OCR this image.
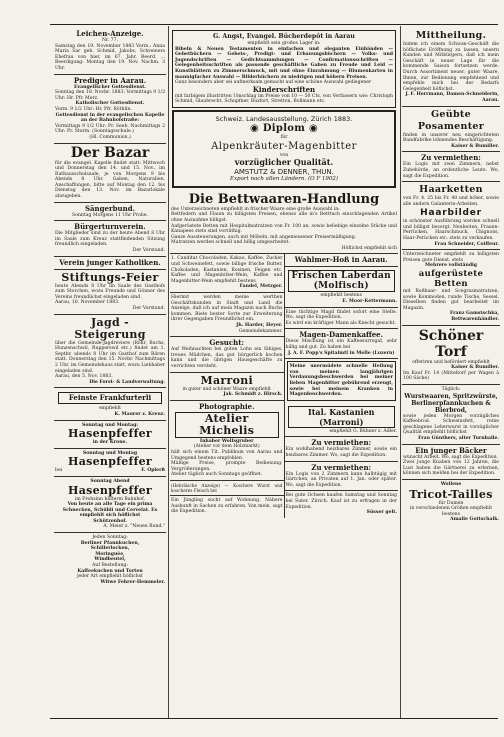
Leichen-Anzeige.
Nr. 77.
Samstag den 19. November 1883 Vorm.: Anna Maria Sar geb. Schmid, Jakobs, Schreiners Ehefrau von hier, im 67. Jahr, Beerd. ... Beerdigung: Montag den 19. Nov. Nachm. 3 Uhr.
Prediger in Aarau.
Evangelischer Gottesdienst.
Sonntag den 18. Novbr. 1883: Vormittags 9 1/2 Uhr: Hr. Pfr. Merz.
Katholischer Gottesdienst.
Vorm. 9 1/2 Uhr: Hr. Pfr. Röthlin.
Gottesdienst in der evangelischen Kapelle an der Bahnhofstraße:
Vormittags 9 1/2 Uhr: Pr. Seeb. Nachmittags 2 Uhr: Pr. Sturm. (Sonntagsschule.)
(Hl. Communion.)
Der Bazar
für die evangel. Kapelle findet statt: Mittwoch und Donnerstag den 14. und 15. Nov., im Rathausschulsaale, je von Morgens 9 bis Abends 8 Uhr. Gaben, Naturalien, Anschaffungen, bitte auf Montag den 12. bis Dienstag den 13. Nov. im Bazarlokale abzugeben.
Sängerbund.
Sonntag Morgens 11 Uhr Probe.
Bürgerturnverein.
Die Mitglieder sind zu der heute Abend 8 Uhr im Saale zum Kreuz stattfindenden Sitzung freundlich eingeladen.
Der Vorstand.
Verein junger Katholiken.
Stiftungs-Feier
heute Abends 8 Uhr im Saale des Gasthofs zum Storchen, wozu Freunde und Gönner des Vereins freundlichst eingeladen sind.
Aarau, 10. November 1883.
Der Vorstand.
Jagd - Steigerung
über die Gemeinde-Jagdreviere (Rohr, Buchs, Hunzenschwil, Rupperswil etc.) findet am 1. Septbr. abends 8 Uhr im Gasthof zum Bären statt. Donnerstag den 15. Novbr. Nachmittags 2 Uhr, im Gemeindehaus statt, wozu Liebhaber eingeladen sind.
Aarau, den 5. Nov. 1883.
Die Forst- & Landverwaltung.
Feinste Frankfurterli
empfiehlt
K. Maurer z. Kreuz.
Sonntag und Montag:
Hasenpfeffer
in der Krone.
Sonntag und Montag
Hasenpfeffer
bei	F. Oplerß
Sonntag Abend
Hasenpfeffer
im Frohsinn hinterm Bahnhof.
Von heute an alle Tage ein prima Schnecken, Schübli und Cervelat. Es empfiehlt sich höflichst
Schützenhof.
A. Meier z. "Neuen Bund."
Jeden Sonntag:
Berliner Pfannkuchen,
Schillerlocken,
Meringuée,
Windbeutel,
Auf Bestellung:
Kaffeekuchen und Torten
jeder Art empfiehlt höflichst
Witwe Fehrer-Hemmeler.
G. Angst, Evangel. Bücherdepôt in Aarau
empfiehlt sein großes Lager in:
Bibeln & Neuen Testamenten in einfachen und eleganten Einbänden — Gebetbüchern — Gebets-, Predigt- und Erbauungsbüchern — Volks- und Jugendschriften — Gedichtsammlungen — Confirmationsschriften — Gelegenheitsschriften als passende geschäftliche Gaben zu Freude und Leid — Kunstblättern zu Zimmerschmuck, mit und ohne Einrahmung — Blumenkarten in mannigfacher Auswahl — Bilderbüchern zu niedrigen und höhern Preisen.
Ganz besonders aber sei aufmerksam gemacht auf eine schöne Auswahl gediegener
Kinderschriften
mit farbigem illustrirten Umschlag im Preise von 10 — 50 Cts. von Verfassern wie: Christoph Schmid, Glaubrecht, Schupfner, Buzfort, Stretton, Bollmann etc.
Schweiz. Landesausstellung, Zürich 1883.
◉ Diplom ◉
für
Alpenkräuter-Magenbitter
von
vorzüglicher Qualität.
AMSTUTZ & DENNER, THUN.
Export nach allen Ländern. (O F 1902)
Die Bettwaaren-Handlung
des Unterzeichneten empfiehlt in frischer Waare eine große Auswahl in:
Bettfedern und Flaum zu billigsten Preisen, ebenso alle in's Betttuch einschlagenden Artikel ohne Ausnahme billigst.
Aufgerüstete Betten mit Hospitalmatratzen von Fr. 100 an, sowie beliebige einzelne Stücke und Kanapees stets sind vorräthig.
Ganze Aussteuerungen, auch mit Möbeln, mit angemessener Preisermäßigung.
Matratzen werden schnell und billig umgearbeitet.
Höflichst empfiehlt sich
1. Canditat Chocoladen, Kakao, Kaffee, Zucker und Schweinefett, sowie billige frische Butter, Chokoladen, Kastanien, Rosinen, Feigen etc. Kaffee und Magenbitter-Wein, Kaffee und Magenbitter-Wein empfiehlt bestens
Fandel, Metzger.
Hiermit werden meine werthen Geschäftskunden in Stadt und Land die Anzeige, daß ich auf mein Magazin nach Buchs kommen. Biete bester Sorte zur Erweiterung ihrer Gegengaben Freundlichst ein.
Jh. Harder, Heyer.
Gemeindekammer.
Gesucht:
Auf Weihnachten bei guten Lohn ein fähiges, treues Mädchen, das gut bürgerlich kochen kann und die übrigen Hausgeschäfte zu verrichten versteht.
Marroni
in guter und schöner Waare empfiehlt
Jak. Schmidt z. Hirsch.
Photographie.
Atelier Michelis
Inhaber Wolfsgruber
(Atelier vor dem Holzmarkt)
hält sich einem Tit. Publikum von Aarau und Umgegend bestens empfohlen.
Mäßige Preise, prompte Bedienung. Vergrößerungen.
Atelier täglich auch Sonntags geöffnet.
(Hebräische Anzeige) — Koschere Wurst und koscheres Fleisch bei
Ein Jüngling sucht auf Wohnung. Nähere Auskunft in Sachen zu erfahren. Von mein, sagt die Expedition.
Wahlmer-Hoß in Aarau.
Frischen Laberdan (Molfisch)
empfiehlt bestens
E. Moor-Kettermann.
Eine tüchtige Magd findet sofort eine Stelle. Wo, sagt die Expedition.
Es wird ein kräftiger Mann als Knecht gesucht.
Magen-Damenkaffee.
Diese Mischung ist ein Kaffeesurrogat, sehr billig und gut. Zu haben bei
J. A. F. Popp's Spitalmtl in Melle (Luzern)
Meine unermüdete schnelle Heilung von meinen langjährigen Verdauungsbeschwerden bei meiner lieben Magenbitter gebührend erzeugt, sowie bei meinem Kranken in Magenbeschwerden.
Ital. Kastanien (Marroni)
empfiehlt G. Bühner z. Adler.
Zu vermiethen:
Ein wohlhabend heizbares Zimmer, sowie ein heizbares Zimmer. Wo, sagt die Expedition.
Zu vermiethen:
Ein Logis von 2 Zimmern kann halbtägig mit Gärtchen, an Privaten auf 1. Jan. oder später. Wo, sagt die Expedition.
Bei gute Ochsen kaufen Samstag und Sonntag bei Suter, Zürich. Kauf ist zu erfragen in der Expedition.
Süsser gelt.
Mittheilung.
Indem ich einem Schwan-Geschäft die höflichste Eröffnung zu lassen, unsern Kunden und Mitbürgern, daß ich mein Geschäft in neuer Lage für die kommende Saison fortsetzen werde. Durch Assortiment neuer, guter Waare, Ihnen, zur Bedienung empfehlend und empfehle mich bei der Bedarfs Gelegenheit höflichst.
J. F. Herrmann, Damen-Schneiderin, Aarau.
Geübte Posamenter
finden in unserer neu eingerichteten Bandfabrike lohnendes Beschäftigung.
Kaiser & Bumiller.
Zu vermiethen:
Ein Logis mit zwei Zimmern, nebst Zubehörde, an ordentliche Leute. Wo, sagt die Expedition.
Haarketten
von Fr. 4. 25 bis Fr. 40 und höher, sowie alle andern Galanterie-Arbeiten.
Haarbilder
in schönster Ausführung werden schnell und billigst besorgt. Neuheiten, Frauen-Perrücken, Haarschmuck, Chignons, Haar-Perücken etc. stets zu verkaufen.
Frau Schneider, Coiffeur.
Unterzeichneter empfiehlt zu billigsten Preisen gute Dienst, stets
Mehrere vollständig
aufgerüstete Betten
mit Roßhaar- und Scegrasmatratzen, sowie Kommoden, runde Tische, Sessel. Dieselben finden gut bearbeitet im Magazin.
Franz Gamstschka, Bettwarenhändler.
Schöner Torf
offeriren und befördert empfiehlt
Kaiser & Bumiller.
Im Kauf Fr. 14 (Mitteltorf per Wagen à 100 Säcke)
Täglich:
Wurstwaaren, Spritzwürste, Berlinerpfannkuchen & Bierbrod,
sowie jeden Morgen vorzügliches Kaffeebrod. Schweinsfett, reine geschlagene Leberwurst in vorzüglicher Qualität empfiehlt höflichst
Frau Günthers, alter Turnhalle.
Ein junger Bäcker
wünscht Arbeit. Wo, sagt die Expedition.
Zwei junge Knaben von 12 Jahren, die Lust haben die Gärtnerei zu erlernen, können sich melden bei der Expedition.
Wollene
Tricot-Tailles
für Damen
in verschiedenen Größen empfiehlt bestens
Amalie Gottschalk.
